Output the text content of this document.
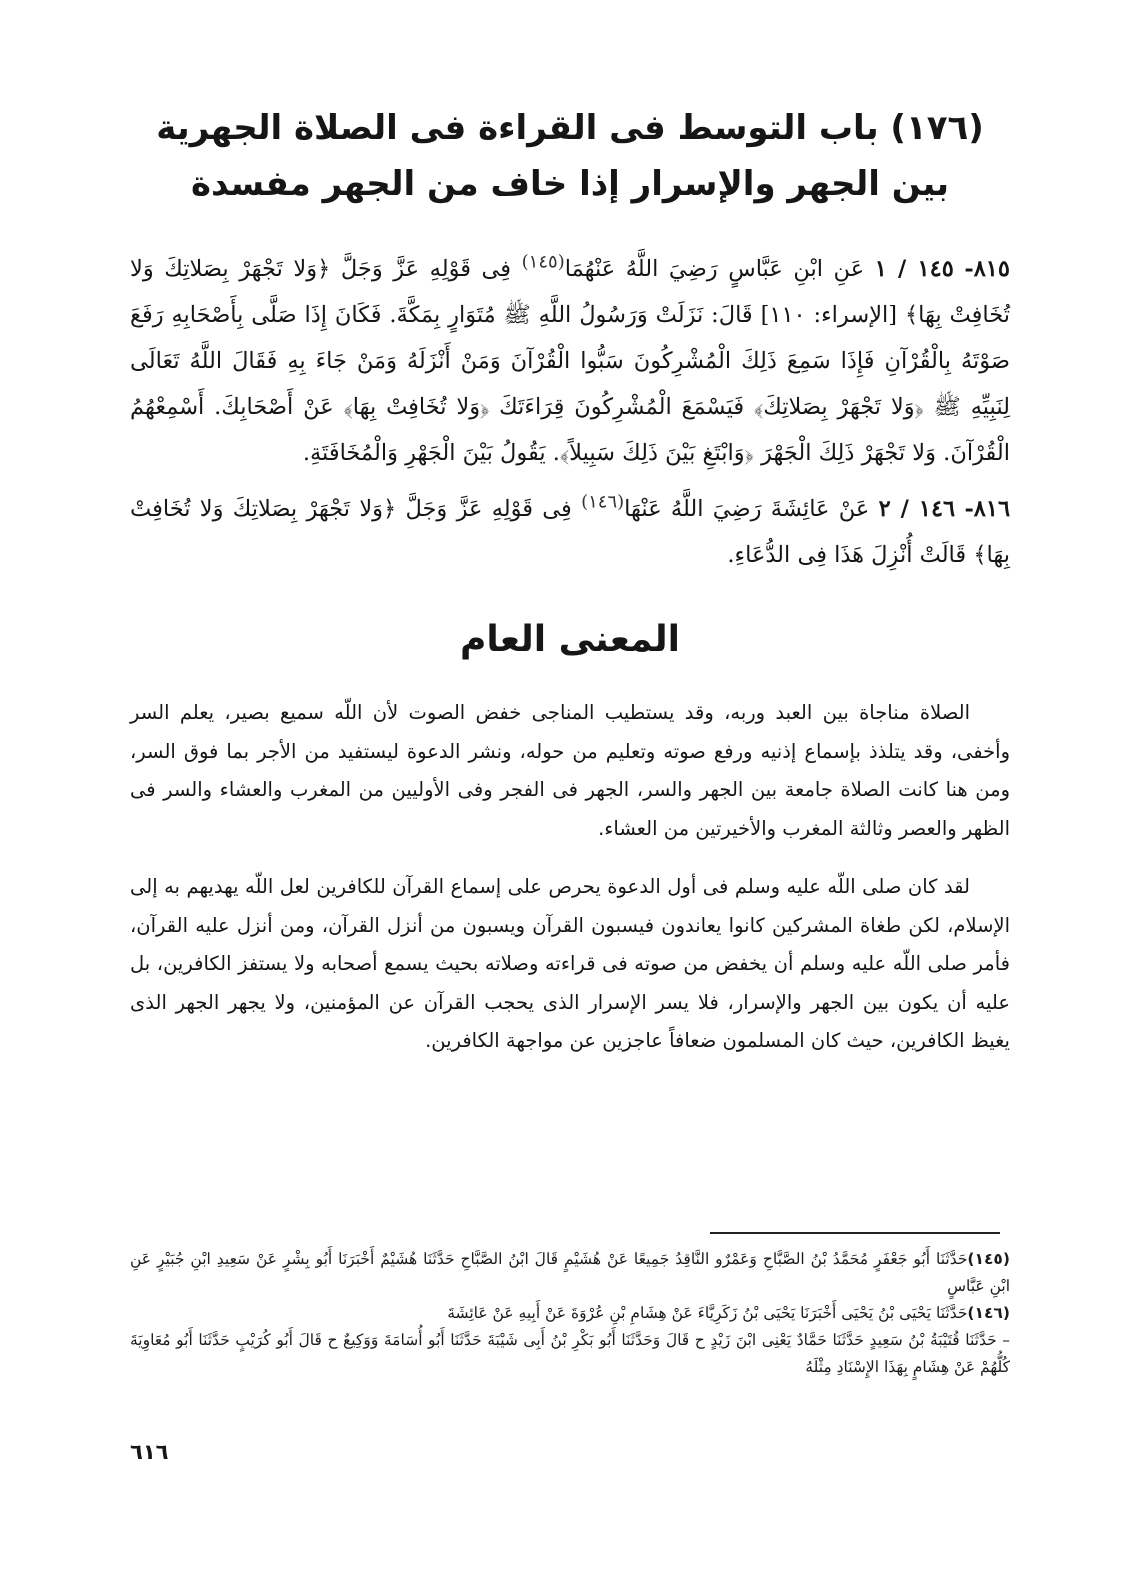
(١٧٦) باب التوسط فى القراءة فى الصلاة الجهرية
بين الجهر والإسرار إذا خاف من الجهر مفسدة

٨١٥- ١٤٥ / ١ عَنِ ابْنِ عَبَّاسٍ رَضِيَ اللَّهُ عَنْهُمَا$^{(١٤٥)}$ فِى قَوْلِهِ عَزَّ وَجَلَّ ﴿وَلا تَجْهَرْ بِصَلاتِكَ وَلا تُخَافِتْ بِهَا﴾ [الإسراء: ١١٠] قَالَ: نَزَلَتْ وَرَسُولُ اللَّهِ ﷺ مُتَوَارٍ بِمَكَّةَ. فَكَانَ إِذَا صَلَّى بِأَصْحَابِهِ رَفَعَ صَوْتَهُ بِالْقُرْآنِ فَإِذَا سَمِعَ ذَلِكَ الْمُشْرِكُونَ سَبُّوا الْقُرْآنَ وَمَنْ أَنْزَلَهُ وَمَنْ جَاءَ بِهِ فَقَالَ اللَّهُ تَعَالَى لِنَبِيِّهِ ﷺ ﴿وَلا تَجْهَرْ بِصَلاتِكَ﴾ فَيَسْمَعَ الْمُشْرِكُونَ قِرَاءَتَكَ ﴿وَلا تُخَافِتْ بِهَا﴾ عَنْ أَصْحَابِكَ. أَسْمِعْهُمُ الْقُرْآنَ. وَلا تَجْهَرْ ذَلِكَ الْجَهْرَ ﴿وَابْتَغِ بَيْنَ ذَلِكَ سَبِيلاً﴾. يَقُولُ بَيْنَ الْجَهْرِ وَالْمُخَافَتَةِ.

٨١٦- ١٤٦ / ٢ عَنْ عَائِشَةَ رَضِيَ اللَّهُ عَنْهَا$^{(١٤٦)}$ فِى قَوْلِهِ عَزَّ وَجَلَّ ﴿وَلا تَجْهَرْ بِصَلاتِكَ وَلا تُخَافِتْ بِهَا﴾ قَالَتْ أُنْزِلَ هَذَا فِى الدُّعَاءِ.

المعنى العام

الصلاة مناجاة بين العبد وربه، وقد يستطيب المناجى خفض الصوت لأن اللّه سميع بصير، يعلم السر وأخفى، وقد يتلذذ بإسماع إذنيه ورفع صوته وتعليم من حوله، ونشر الدعوة ليستفيد من الأجر بما فوق السر، ومن هنا كانت الصلاة جامعة بين الجهر والسر، الجهر فى الفجر وفى الأوليين من المغرب والعشاء والسر فى الظهر والعصر وثالثة المغرب والأخيرتين من العشاء.

لقد كان صلى اللّه عليه وسلم فى أول الدعوة يحرص على إسماع القرآن للكافرين لعل اللّه يهديهم به إلى الإسلام، لكن طغاة المشركين كانوا يعاندون فيسبون القرآن ويسبون من أنزل القرآن، ومن أنزل عليه القرآن، فأمر صلى اللّه عليه وسلم أن يخفض من صوته فى قراءته وصلاته بحيث يسمع أصحابه ولا يستفز الكافرين، بل عليه أن يكون بين الجهر والإسرار، فلا يسر الإسرار الذى يحجب القرآن عن المؤمنين، ولا يجهر الجهر الذى يغيظ الكافرين، حيث كان المسلمون ضعافاً عاجزين عن مواجهة الكافرين.

(١٤٥)حَدَّثَنَا أَبُو جَعْفَرٍ مُحَمَّدُ بْنُ الصَّبَّاحِ وَعَمْرٌو النَّاقِدُ جَمِيعًا عَنْ هُشَيْمٍ قَالَ ابْنُ الصَّبَّاحِ حَدَّثَنَا هُشَيْمٌ أَخْبَرَنَا أَبُو بِشْرٍ عَنْ سَعِيدِ ابْنِ جُبَيْرٍ عَنِ ابْنِ عَبَّاسٍ

(١٤٦)حَدَّثَنَا يَحْيَى بْنُ يَحْيَى أَخْبَرَنَا يَحْيَى بْنُ زَكَرِيَّاءَ عَنْ هِشَامِ بْنِ عُرْوَةَ عَنْ أَبِيهِ عَنْ عَائِشَةَ

– حَدَّثَنَا قُتَيْبَةُ بْنُ سَعِيدٍ حَدَّثَنَا حَمَّادٌ يَعْنِى ابْنَ زَيْدٍ ح قَالَ وَحَدَّثَنَا أَبُو بَكْرِ بْنُ أَبِى شَيْبَةَ حَدَّثَنَا أَبُو أُسَامَةَ وَوَكِيعٌ ح قَالَ أَبُو كُرَيْبٍ حَدَّثَنَا أَبُو مُعَاوِيَةَ كُلُّهُمْ عَنْ هِشَامٍ بِهَذَا الإِسْنَادِ مِثْلَهُ

٦١٦
